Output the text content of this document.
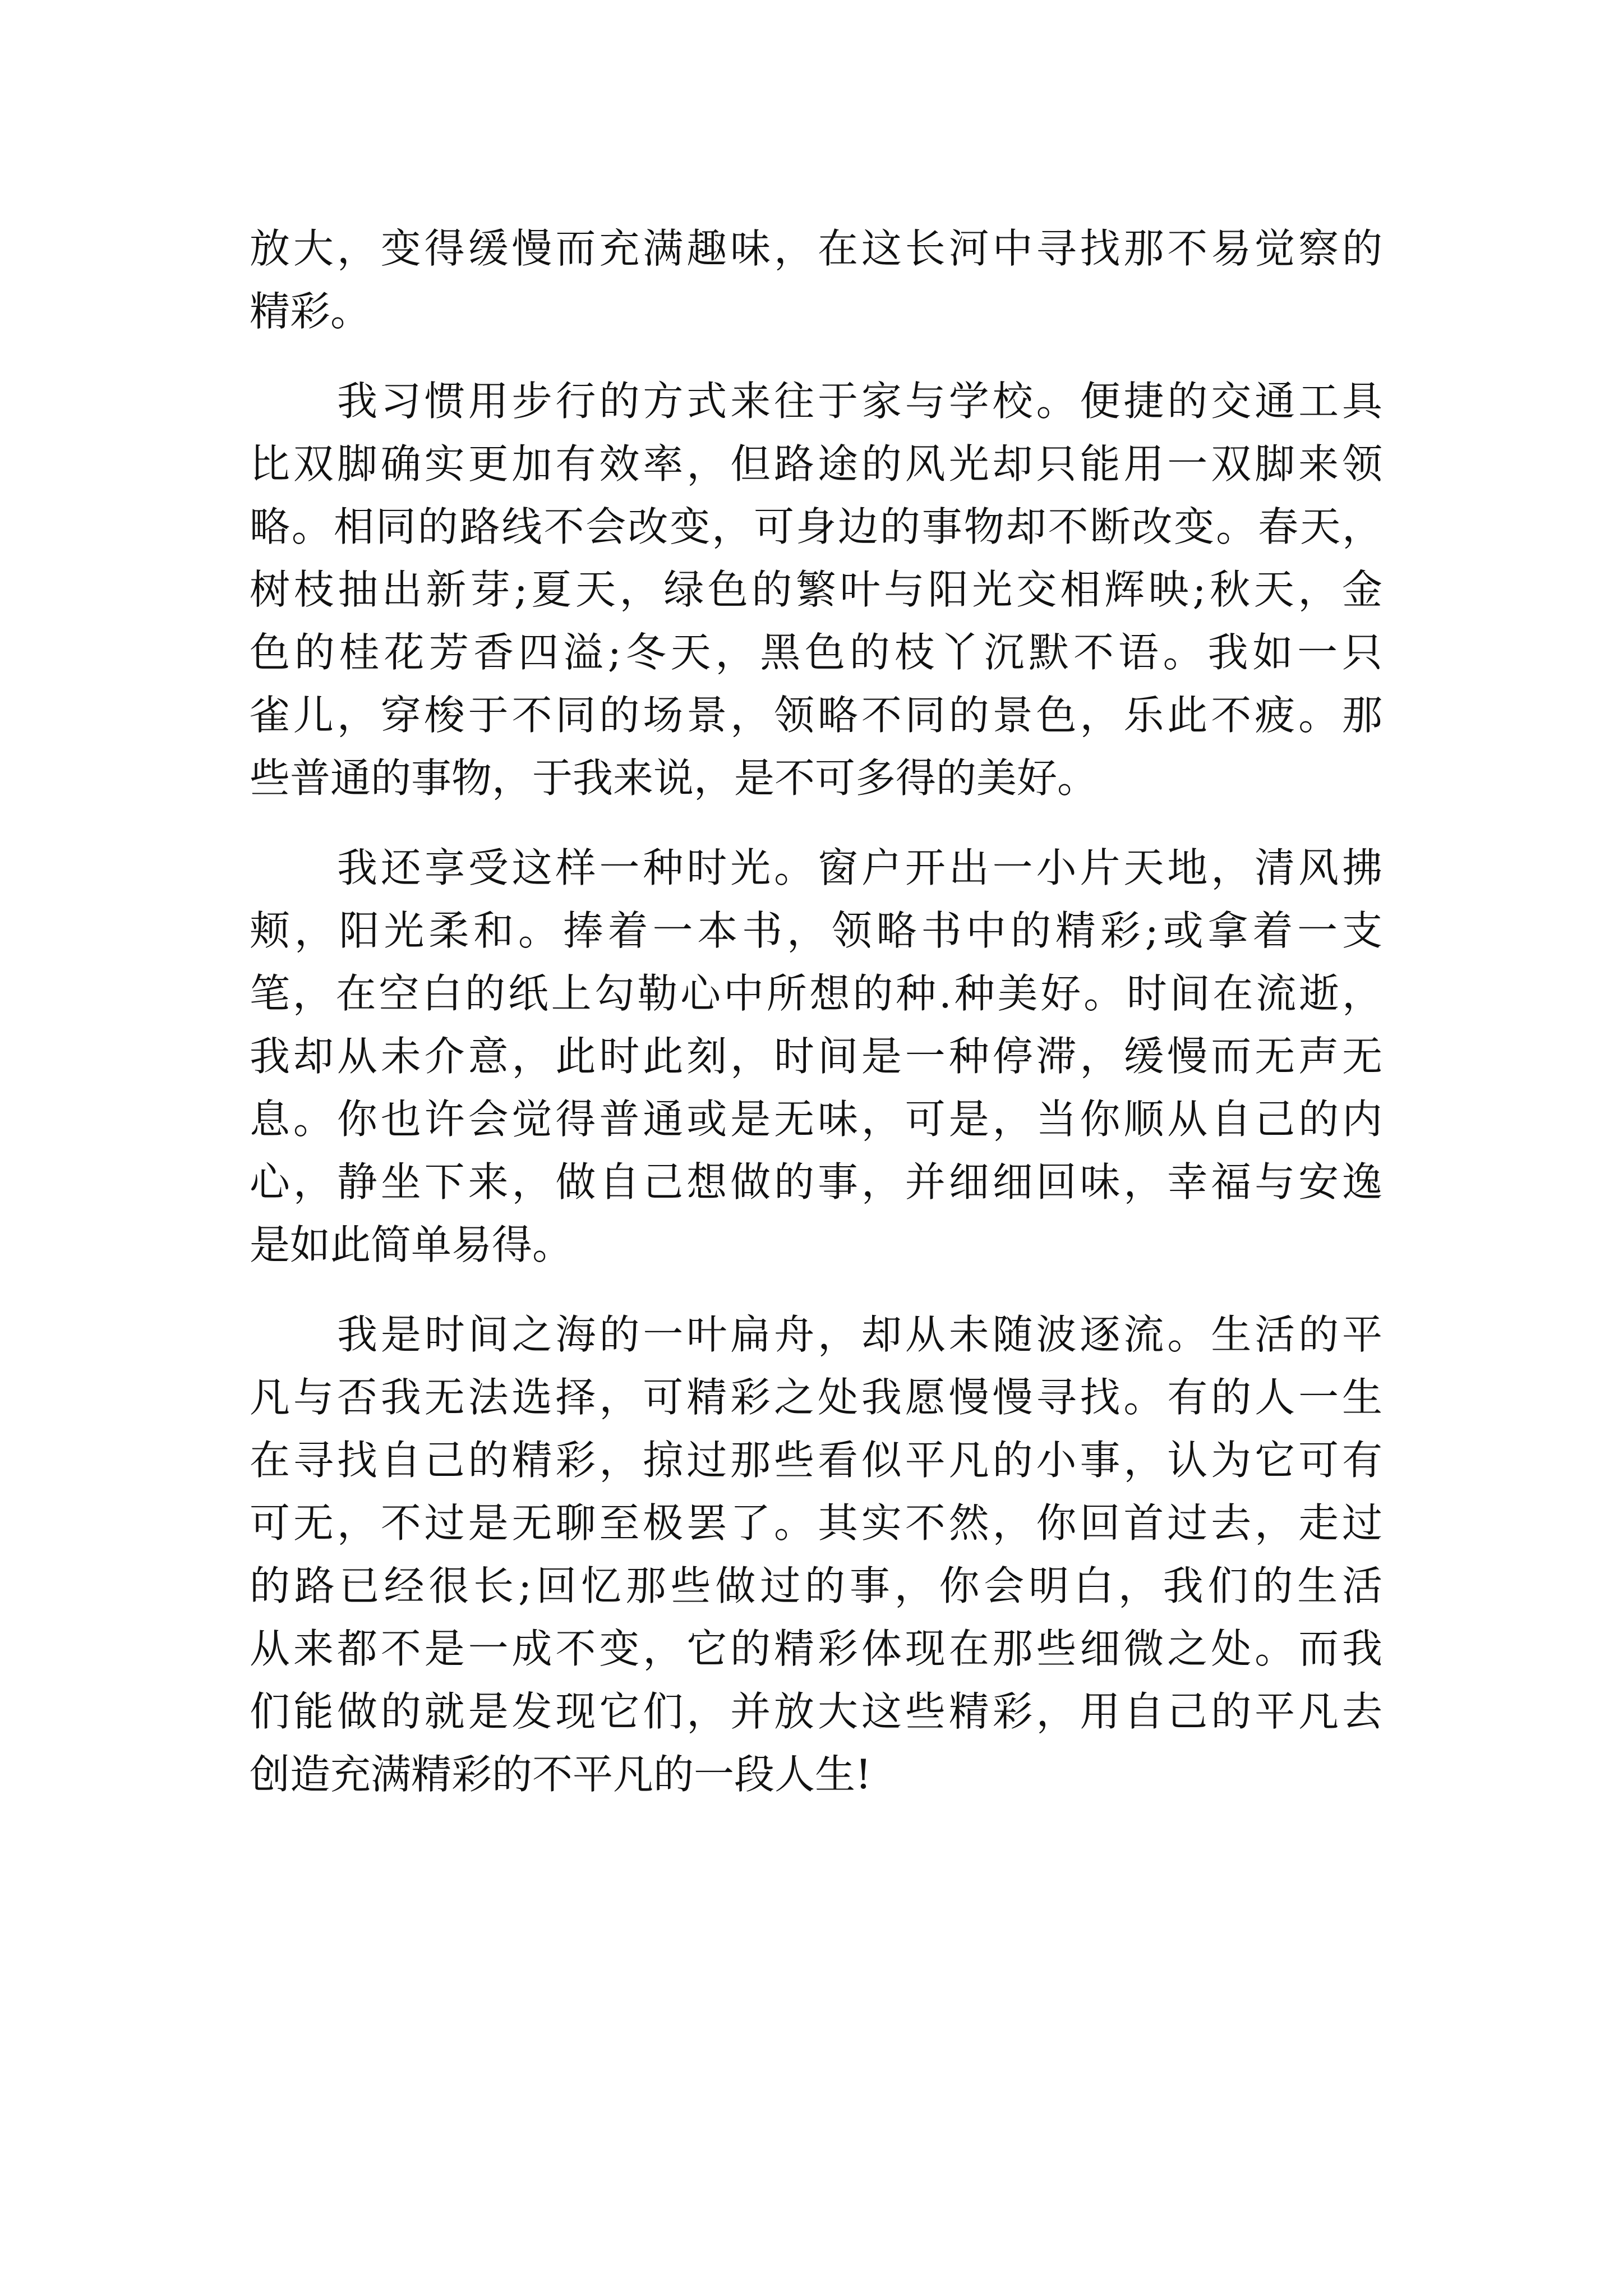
放大，变得缓慢而充满趣味，在这长河中寻找那不易觉察的

精彩。

我习惯用步行的方式来往于家与学校。便捷的交通工具

比双脚确实更加有效率，但路途的风光却只能用一双脚来领

略。相同的路线不会改变，可身边的事物却不断改变。春天，

树枝抽出新芽;夏天，绿色的繁叶与阳光交相辉映;秋天，金

色的桂花芳香四溢;冬天，黑色的枝丫沉默不语。我如一只

雀儿，穿梭于不同的场景，领略不同的景色，乐此不疲。那

些普通的事物，于我来说，是不可多得的美好。

我还享受这样一种时光。窗户开出一小片天地，清风拂

颊，阳光柔和。捧着一本书，领略书中的精彩;或拿着一支

笔，在空白的纸上勾勒心中所想的种.种美好。时间在流逝，

我却从未介意，此时此刻，时间是一种停滞，缓慢而无声无

息。你也许会觉得普通或是无味，可是，当你顺从自己的内

心，静坐下来，做自己想做的事，并细细回味，幸福与安逸

是如此简单易得。

我是时间之海的一叶扁舟，却从未随波逐流。生活的平

凡与否我无法选择，可精彩之处我愿慢慢寻找。有的人一生

在寻找自己的精彩，掠过那些看似平凡的小事，认为它可有

可无，不过是无聊至极罢了。其实不然，你回首过去，走过

的路已经很长;回忆那些做过的事，你会明白，我们的生活

从来都不是一成不变，它的精彩体现在那些细微之处。而我

们能做的就是发现它们，并放大这些精彩，用自己的平凡去

创造充满精彩的不平凡的一段人生!
